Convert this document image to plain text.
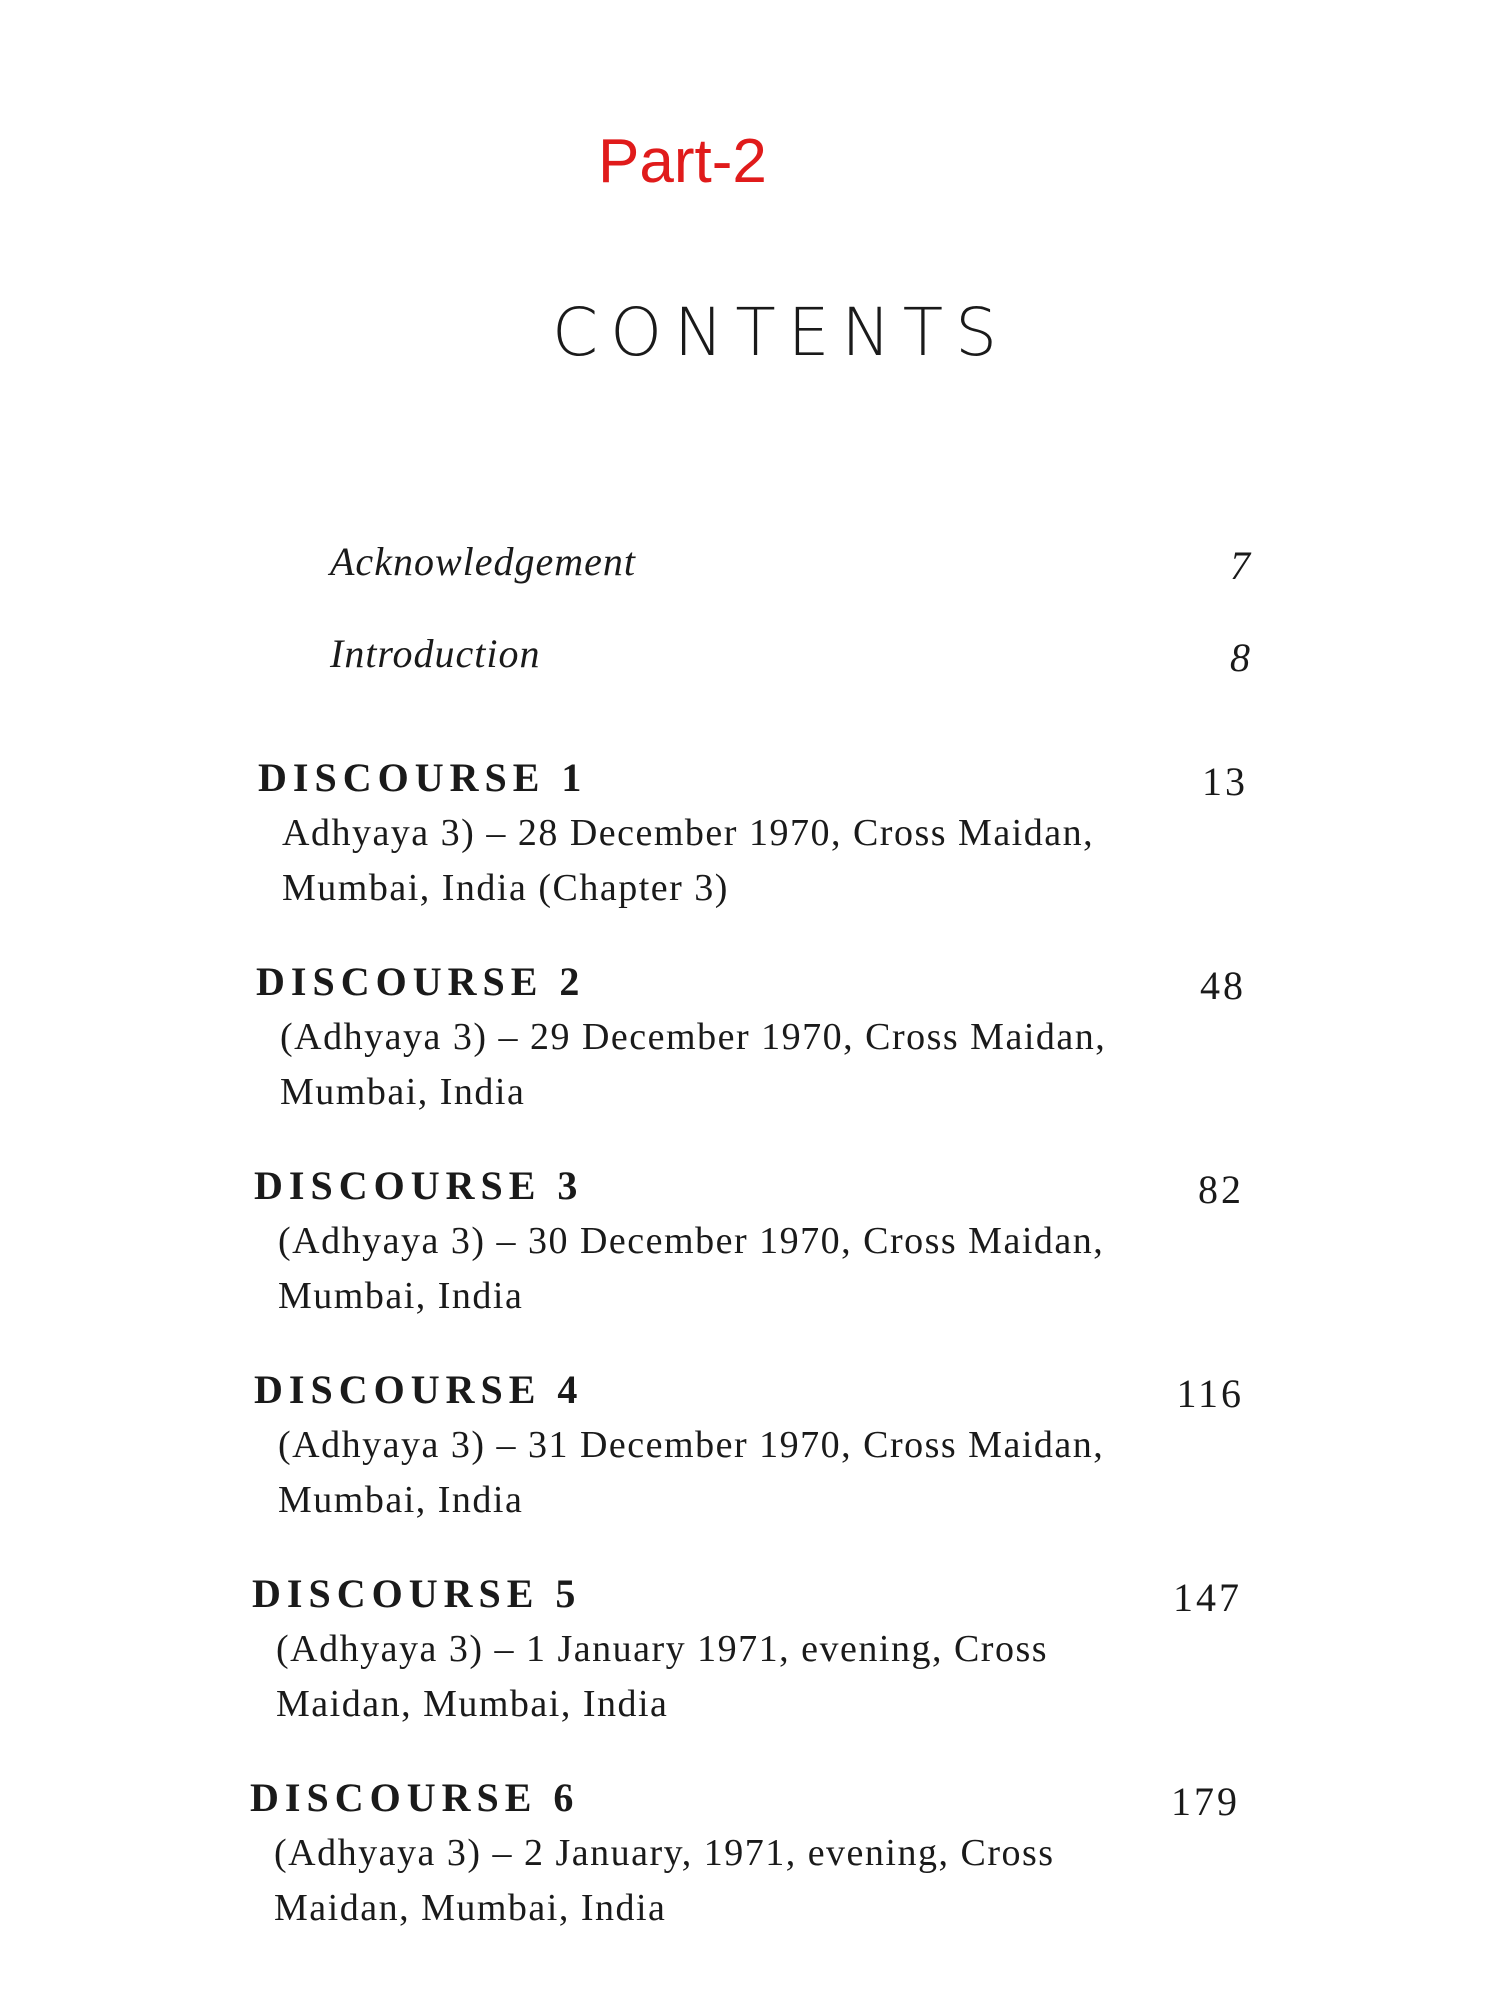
Part-2
CONTENTS
Acknowledgement	7
Introduction	8
DISCOURSE 1	13
Adhyaya 3) – 28 December 1970, Cross Maidan, Mumbai, India (Chapter 3)
DISCOURSE 2	48
(Adhyaya 3) – 29 December 1970, Cross Maidan, Mumbai, India
DISCOURSE 3	82
(Adhyaya 3) – 30 December 1970, Cross Maidan, Mumbai, India
DISCOURSE 4	116
(Adhyaya 3) – 31 December 1970, Cross Maidan, Mumbai, India
DISCOURSE 5	147
(Adhyaya 3) – 1 January 1971, evening, Cross Maidan, Mumbai, India
DISCOURSE 6	179
(Adhyaya 3) – 2 January, 1971, evening, Cross Maidan, Mumbai, India
